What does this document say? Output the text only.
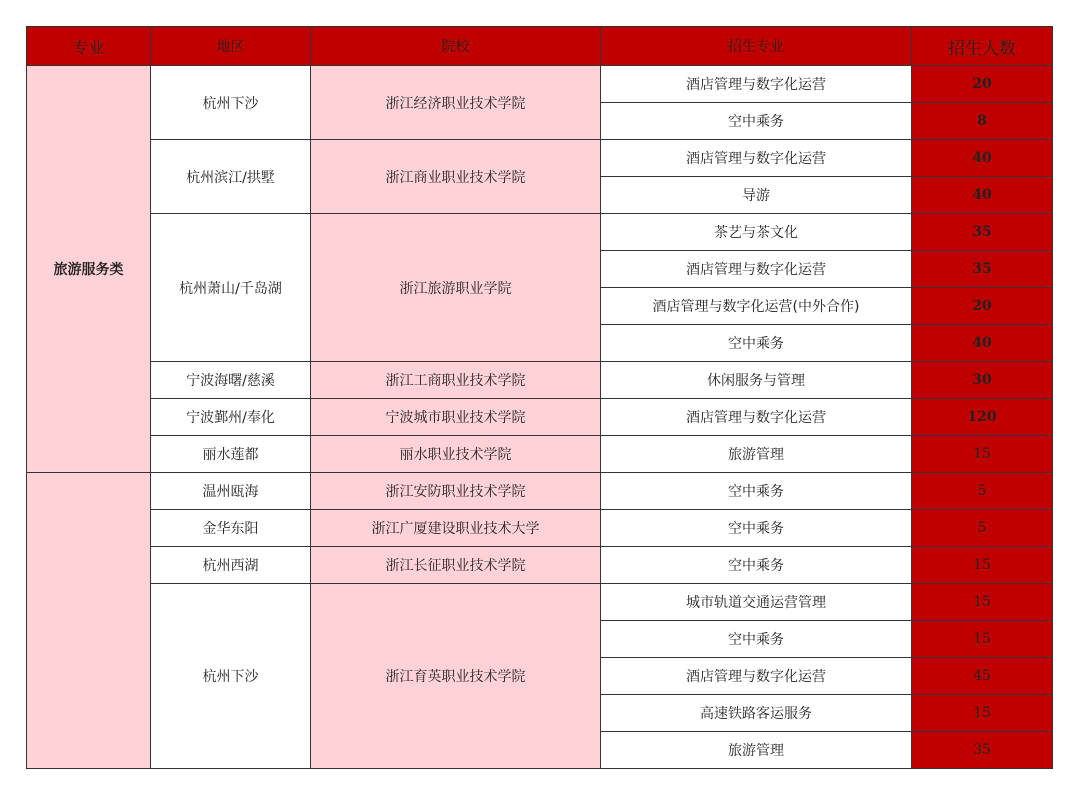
专业	地区	院校	招生专业	招生人数
旅游服务类	杭州下沙	浙江经济职业技术学院	酒店管理与数字化运营	20
			空中乘务	8
	杭州滨江/拱墅	浙江商业职业技术学院	酒店管理与数字化运营	40
			导游	40
	杭州萧山/千岛湖	浙江旅游职业学院	茶艺与茶文化	35
			酒店管理与数字化运营	35
			酒店管理与数字化运营(中外合作)	20
			空中乘务	40
	宁波海曙/慈溪	浙江工商职业技术学院	休闲服务与管理	30
	宁波鄞州/奉化	宁波城市职业技术学院	酒店管理与数字化运营	120
	丽水莲都	丽水职业技术学院	旅游管理	15
	温州瓯海	浙江安防职业技术学院	空中乘务	5
	金华东阳	浙江广厦建设职业技术大学	空中乘务	5
	杭州西湖	浙江长征职业技术学院	空中乘务	15
	杭州下沙	浙江育英职业技术学院	城市轨道交通运营管理	15
			空中乘务	15
			酒店管理与数字化运营	45
			高速铁路客运服务	15
			旅游管理	35
